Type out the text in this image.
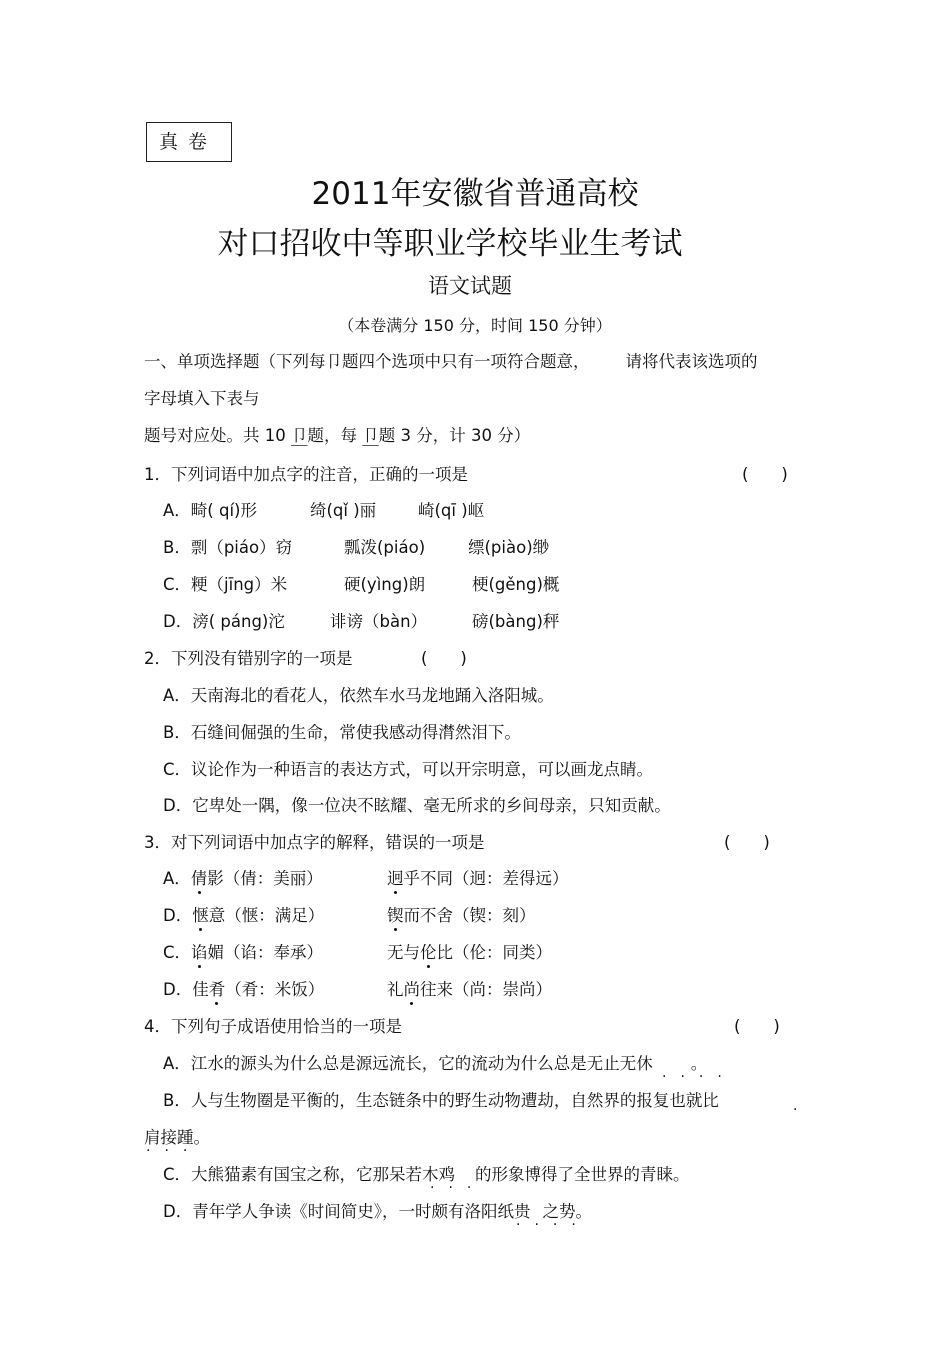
真卷
2011年安徽省普通高校
对口招收中等职业学校毕业生考试
语文试题
（本卷满分 150 分，时间 150 分钟）
一、单项选择题（下列每卩题四个选项中只有一项符合题意， 请将代表该选项的
字母填入下表与
题号对应处。共 10 卩题，每 卩题 3 分，计 30 分）
1．下列词语中加点字的注音，正确的一项是	(　　)
A．畸( qí)形	绮(qǐ )丽	崎(qī )岖
B．剽（piáo）窃	瓢泼(piáo)	缥(piào)缈
C．粳（jīng）米	硬(yìng)朗	梗(gěng)概
D．滂( páng)沱	诽谤（bàn）	磅(bàng)秤
2．下列没有错别字的一项是	(　　)
A．天南海北的看花人，依然车水马龙地踊入洛阳城。
B．石缝间倔强的生命，常使我感动得潸然泪下。
C．议论作为一种语言的表达方式，可以开宗明意，可以画龙点睛。
D．它卑处一隅，像一位决不眩耀、毫无所求的乡间母亲，只知贡献。
3．对下列词语中加点字的解释，错误的一项是	(　　)
A．倩影（倩：美丽）	迥乎不同（迥：差得远）
D．惬意（惬：满足）	锲而不舍（锲：刻）
C．谄媚（谄：奉承）	无与伦比（伦：同类）
D．佳肴（肴：米饭）	礼尚往来（尚：崇尚）
4．下列句子成语使用恰当的一项是	(　　)
A．江水的源头为什么总是源远流长，它的流动为什么总是无止无休 。
····
B．人与生物圈是平衡的，生态链条中的野生动物遭劫，自然界的报复也就比	·
肩接踵。
···
C．大熊猫素有国宝之称，它那呆若木鸡 的形象博得了全世界的青睐。
···
D．青年学人争读《时间简史》，一时颇有洛阳纸贵 之势。
····
